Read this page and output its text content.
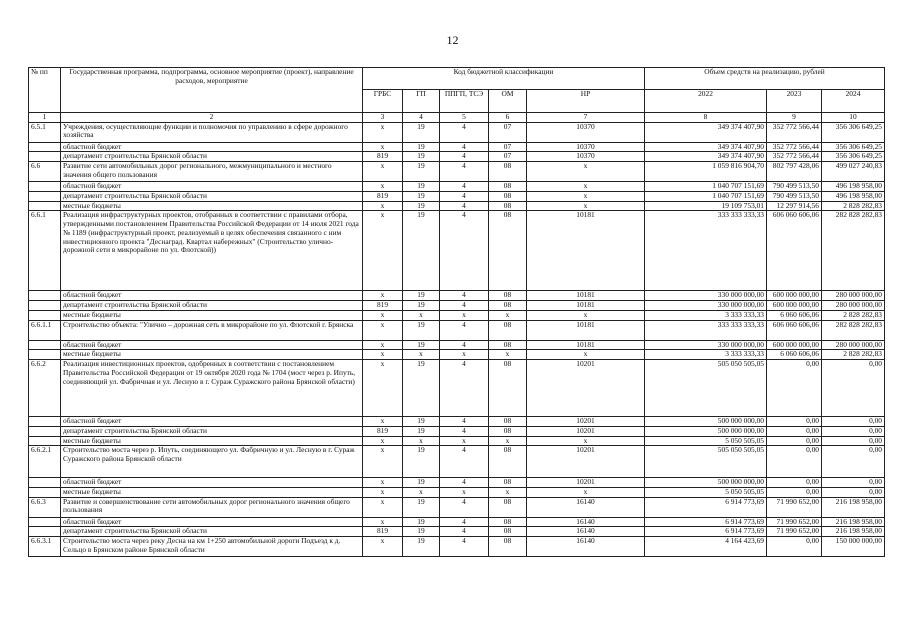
12
№ пп	Государственная программа, подпрограмма, основное мероприятие (проект), направление расходов, мероприятие	Код бюджетной классификации					Объем средств на реализацию, рублей		
		ГРБС	ГП	ППГП, ТСЭ	ОМ	НР	2022	2023	2024
1	2	3	4	5	6	7	8	9	10
6.5.1	Учреждения, осуществляющие функции и полномочия по управлению в сфере дорожного хозяйства	х	19	4	07	10370	349 374 407,90	352 772 566,44	356 306 649,25
	областной бюджет	х	19	4	07	10370	349 374 407,90	352 772 566,44	356 306 649,25
	департамент строительства Брянской области	819	19	4	07	10370	349 374 407,90	352 772 566,44	356 306 649,25
6.6	Развитие сети автомобильных дорог регионального, межмуниципального и местного значения общего пользования	х	19	4	08	х	1 059 816 904,70	802 797 428,06	499 027 240,83
	областной бюджет	х	19	4	08	х	1 040 707 151,69	790 499 513,50	496 198 958,00
	департамент строительства Брянской области	819	19	4	08	х	1 040 707 151,69	790 499 513,50	496 198 958,00
	местные бюджеты	х	19	4	08	х	19 109 753,01	12 297 914,56	2 828 282,83
6.6.1	Реализация инфраструктурных проектов, отобранных в соответствии с правилами отбора, утвержденными постановлением Правительства Российской Федерации от 14 июля 2021 года № 1189 (инфраструктурный проект, реализуемый в целях обеспечения связанного с ним инвестиционного проекта "Деснаград. Квартал набережных" (Строительство улично-дорожной сети в микрорайоне по ул. Флотской))	х	19	4	08	10181	333 333 333,33	606 060 606,06	282 828 282,83
	областной бюджет	х	19	4	08	10181	330 000 000,00	600 000 000,00	280 000 000,00
	департамент строительства Брянской области	819	19	4	08	10181	330 000 000,00	600 000 000,00	280 000 000,00
	местные бюджеты	х	х	х	х	х	3 333 333,33	6 060 606,06	2 828 282,83
6.6.1.1	Строительство объекта: "Улично – дорожная сеть в микрорайоне по ул. Флотской г. Брянска	х	19	4	08	10181	333 333 333,33	606 060 606,06	282 828 282,83
	областной бюджет	х	19	4	08	10181	330 000 000,00	600 000 000,00	280 000 000,00
	местные бюджеты	х	х	х	х	х	3 333 333,33	6 060 606,06	2 828 282,83
6.6.2	Реализация инвестиционных проектов, одобренных в соответствии с постановлением Правительства Российской Федерации от 19 октября 2020 года № 1704 (мост через р. Ипуть, соединяющий ул. Фабричная и ул. Лесную в г. Сураж Суражского района Брянской области)	х	19	4	08	10201	505 050 505,05	0,00	0,00
	областной бюджет	х	19	4	08	10201	500 000 000,00	0,00	0,00
	департамент строительства Брянской области	819	19	4	08	10201	500 000 000,00	0,00	0,00
	местные бюджеты	х	х	х	х	х	5 050 505,05	0,00	0,00
6.6.2.1	Строительство моста через р. Ипуть, соединяющего ул. Фабричную и ул. Лесную в г. Сураж Суражского района Брянской области	х	19	4	08	10201	505 050 505,05	0,00	0,00
	областной бюджет	х	19	4	08	10201	500 000 000,00	0,00	0,00
	местные бюджеты	х	х	х	х	х	5 050 505,05	0,00	0,00
6.6.3	Развитие и совершенствование сети автомобильных дорог регионального значения общего пользования	х	19	4	08	16140	6 914 773,69	71 990 652,00	216 198 958,00
	областной бюджет	х	19	4	08	16140	6 914 773,69	71 990 652,00	216 198 958,00
	департамент строительства Брянской области	819	19	4	08	16140	6 914 773,69	71 990 652,00	216 198 958,00
6.6.3.1	Строительство моста через реку Десна на км 1+250 автомобильной дороги Подъезд к д. Сельцо в Брянском районе Брянской области	х	19	4	08	16140	4 164 423,69	0,00	150 000 000,00
